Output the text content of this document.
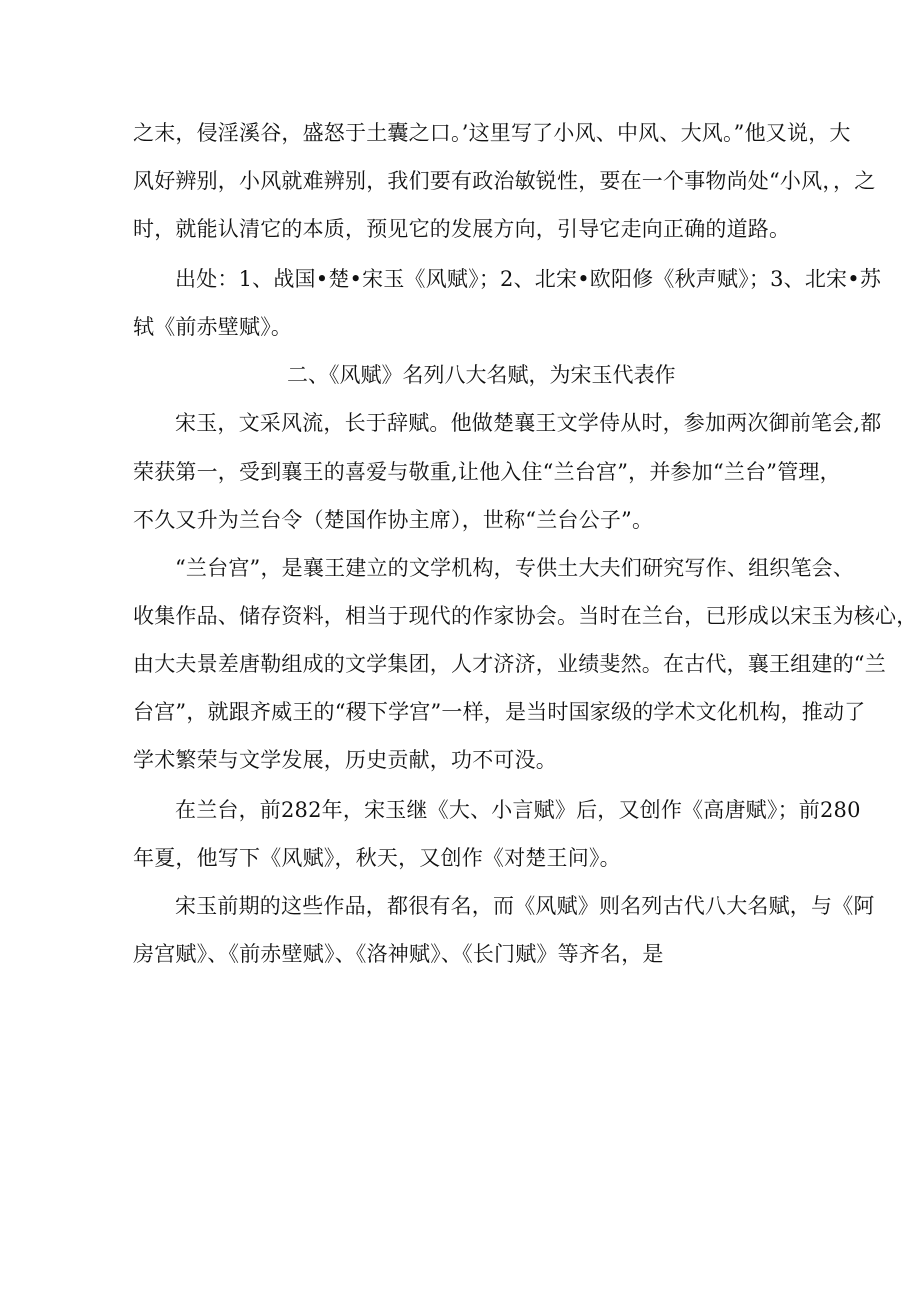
之末，侵淫溪谷，盛怒于土囊之口。’这里写了小风、中风、大风。”他又说，大
风好辨别，小风就难辨别，我们要有政治敏锐性，要在一个事物尚处“小风，，之
时，就能认清它的本质，预见它的发展方向，引导它走向正确的道路。
出处：1、战国•楚•宋玉《风赋》；2、北宋•欧阳修《秋声赋》；3、北宋•苏
轼《前赤壁赋》。
二、《风赋》名列八大名赋，为宋玉代表作
宋玉，文采风流，长于辞赋。他做楚襄王文学侍从时，参加两次御前笔会,都
荣获第一，受到襄王的喜爱与敬重,让他入住“兰台宫”，并参加“兰台”管理，
不久又升为兰台令（楚国作协主席），世称“兰台公子”。
“兰台宫”，是襄王建立的文学机构，专供土大夫们研究写作、组织笔会、
收集作品、储存资料，相当于现代的作家协会。当时在兰台，已形成以宋玉为核心，
由大夫景差唐勒组成的文学集团，人才济济，业绩斐然。在古代，襄王组建的“兰
台宫”，就跟齐威王的“稷下学宫”一样，是当时国家级的学术文化机构，推动了
学术繁荣与文学发展，历史贡献，功不可没。
在兰台，前282年，宋玉继《大、小言赋》后，又创作《高唐赋》；前280
年夏，他写下《风赋》，秋天，又创作《对楚王问》。
宋玉前期的这些作品，都很有名，而《风赋》则名列古代八大名赋，与《阿
房宫赋》、《前赤壁赋》、《洛神赋》、《长门赋》等齐名，是
